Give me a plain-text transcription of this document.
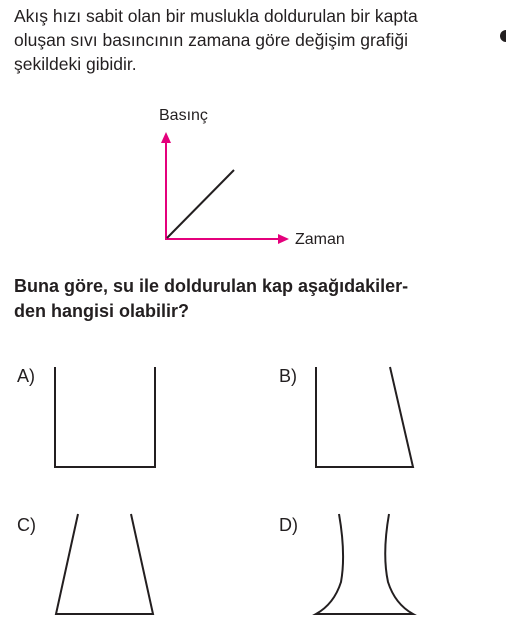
Akış hızı sabit olan bir muslukla doldurulan bir kapta
oluşan sıvı basıncının zamana göre değişim grafiği
şekildeki gibidir.

Basınç
Zaman

Buna göre, su ile doldurulan kap aşağıdakiler-
den hangisi olabilir?

A)	B)
C)	D)
